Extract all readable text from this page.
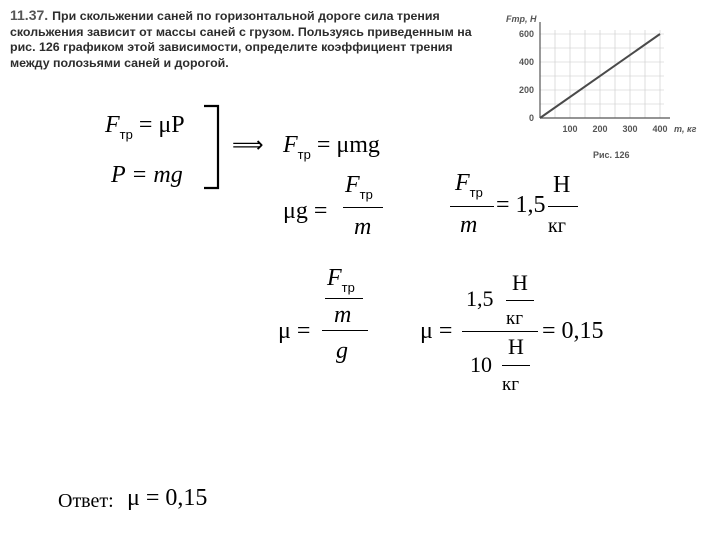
11.37. При скольжении саней по горизонтальной дороге сила трения скольжения зависит от массы саней с грузом. Пользуясь приведенным на рис. 126 графиком этой зависимости, определите коэффициент трения между полозьями саней и дорогой.
200
400
600
100 200 300 400
0
m, кг
Fтр, Н
Рис. 126
$F_{тр} = \mu P$
P = mg
⟹ $F_{тр} = \mu mg$
μg =
$F_{тр}$
m
$F_{тр}$
m
= 1,5
Н
кг
μ =
$F_{тр}$
m
g
μ =
1,5
Н
кг
10
Н
кг
= 0,15
Ответ: μ = 0,15
